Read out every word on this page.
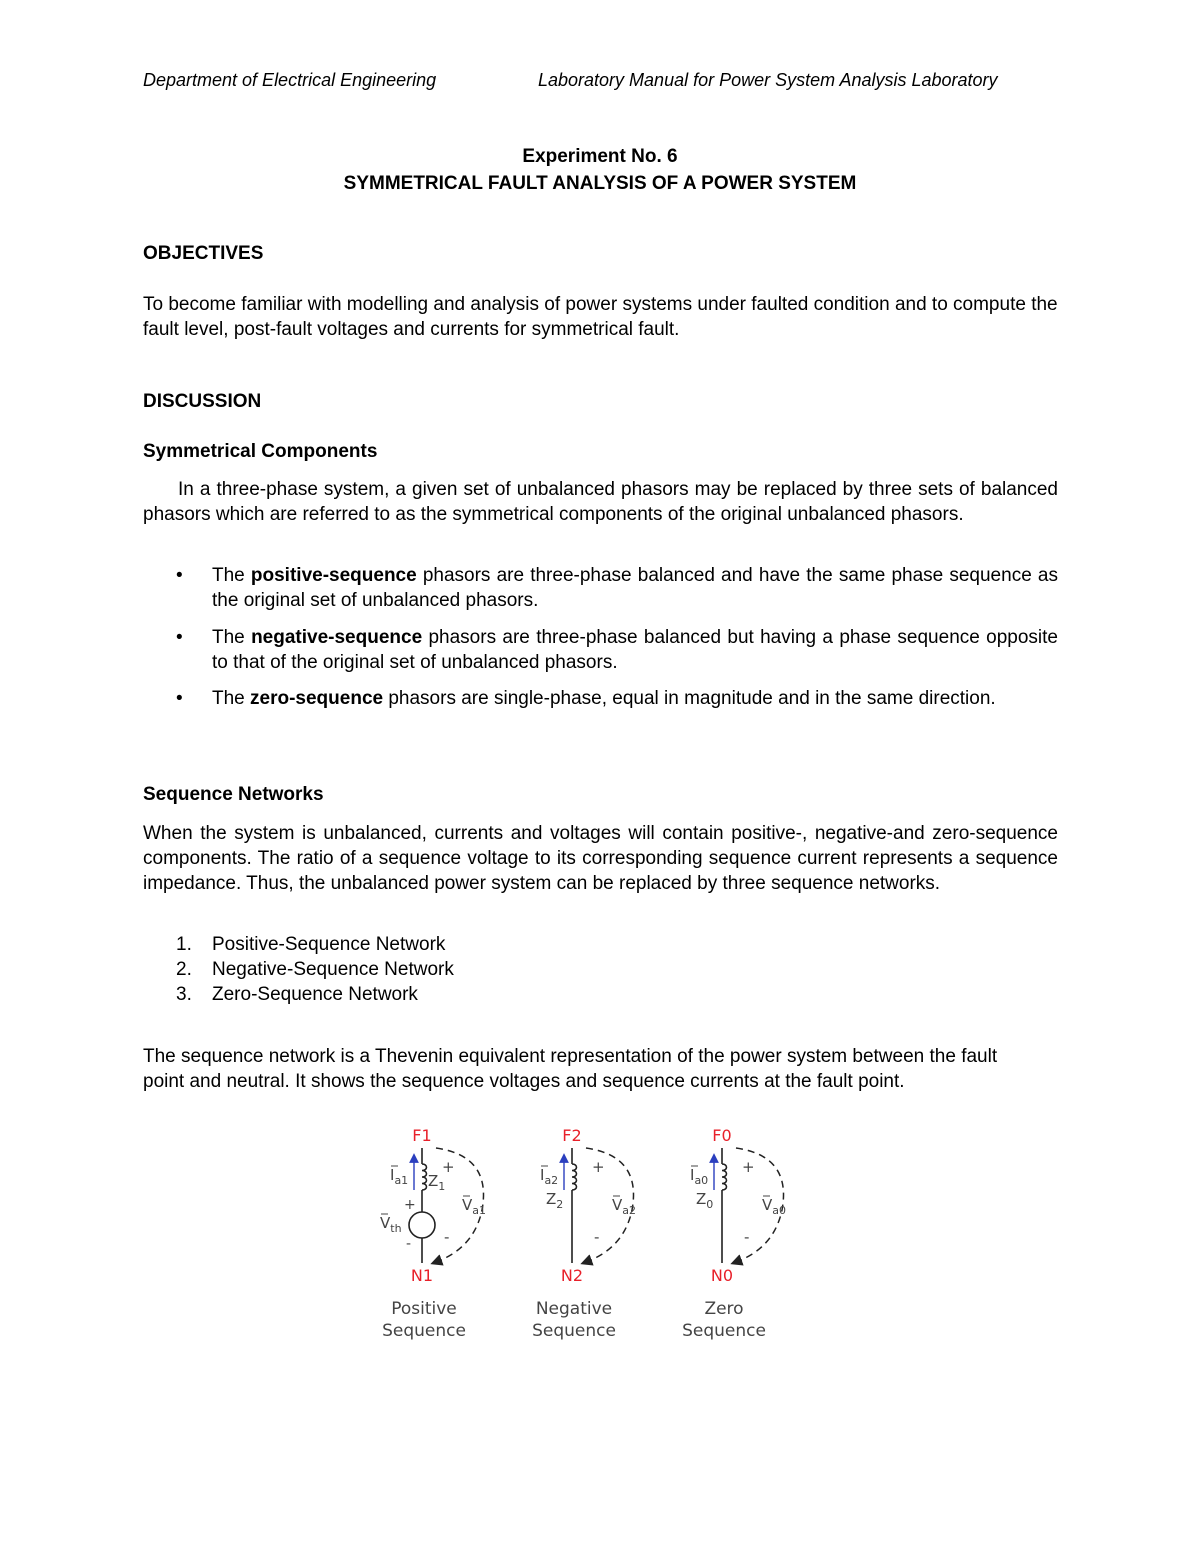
Department of Electrical Engineering	Laboratory Manual for Power System Analysis Laboratory
Experiment No. 6
SYMMETRICAL FAULT ANALYSIS OF A POWER SYSTEM
OBJECTIVES
To become familiar with modelling and analysis of power systems under faulted condition and to compute the fault level, post-fault voltages and currents for symmetrical fault.
DISCUSSION
Symmetrical Components
In a three-phase system, a given set of unbalanced phasors may be replaced by three sets of balanced phasors which are referred to as the symmetrical components of the original unbalanced phasors.
• The positive-sequence phasors are three-phase balanced and have the same phase sequence as the original set of unbalanced phasors.
• The negative-sequence phasors are three-phase balanced but having a phase sequence opposite to that of the original set of unbalanced phasors.
• The zero-sequence phasors are single-phase, equal in magnitude and in the same direction.
Sequence Networks
When the system is unbalanced, currents and voltages will contain positive-, negative-and zero-sequence components. The ratio of a sequence voltage to its corresponding sequence current represents a sequence impedance. Thus, the unbalanced power system can be replaced by three sequence networks.
1. Positive-Sequence Network
2. Negative-Sequence Network
3. Zero-Sequence Network
The sequence network is a Thevenin equivalent representation of the power system between the fault point and neutral. It shows the sequence voltages and sequence currents at the fault point.
F1
N1
+
-
$V_{th}$
$I_{a1}$ $Z_1$
+
-
$V_{a1}$
Positive
Sequence
F2
N2
$I_{a2}$
$Z_2$
+
-
$V_{a2}$
Negative
Sequence
F0
N0
$I_{a0}$
$Z_0$
+
-
$V_{a0}$
Zero
Sequence
